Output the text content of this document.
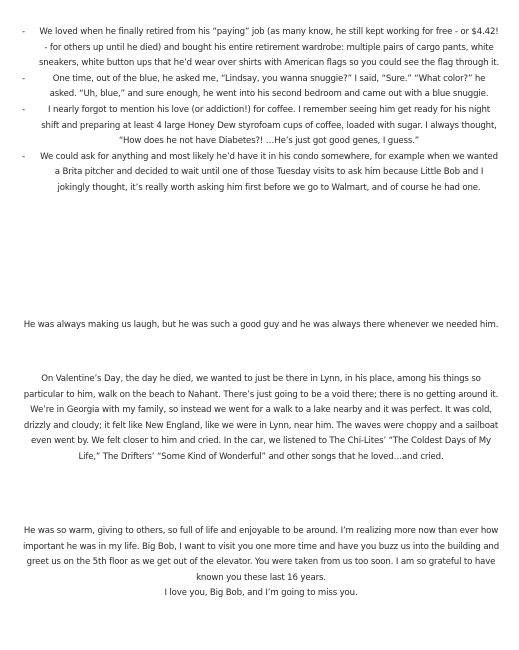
- We loved when he finally retired from his “paying” job (as many know, he still kept working for free - or $4.42! - for others up until he died) and bought his entire retirement wardrobe: multiple pairs of cargo pants, white sneakers, white button ups that he’d wear over shirts with American flags so you could see the flag through it.
-	One time, out of the blue, he asked me, “Lindsay, you wanna snuggie?” I said, “Sure.” “What color?” he asked. “Uh, blue,” and sure enough, he went into his second bedroom and came out with a blue snuggie.
-	I nearly forgot to mention his love (or addiction!) for coffee. I remember seeing him get ready for his night shift and preparing at least 4 large Honey Dew styrofoam cups of coffee, loaded with sugar. I always thought, “How does he not have Diabetes?! …He’s just got good genes, I guess.”
- We could ask for anything and most likely he’d have it in his condo somewhere, for example when we wanted a Brita pitcher and decided to wait until one of those Tuesday visits to ask him because Little Bob and I jokingly thought, it’s really worth asking him first before we go to Walmart, and of course he had one.

He was always making us laugh, but he was such a good guy and he was always there whenever we needed him.

On Valentine’s Day, the day he died, we wanted to just be there in Lynn, in his place, among his things so particular to him, walk on the beach to Nahant. There’s just going to be a void there; there is no getting around it. We’re in Georgia with my family, so instead we went for a walk to a lake nearby and it was perfect. It was cold, drizzly and cloudy; it felt like New England, like we were in Lynn, near him. The waves were choppy and a sailboat even went by. We felt closer to him and cried. In the car, we listened to The Chi-Lites’ “The Coldest Days of My Life,” The Drifters’ “Some Kind of Wonderful” and other songs that he loved…and cried.

He was so warm, giving to others, so full of life and enjoyable to be around. I’m realizing more now than ever how important he was in my life. Big Bob, I want to visit you one more time and have you buzz us into the building and greet us on the 5th floor as we get out of the elevator. You were taken from us too soon. I am so grateful to have known you these last 16 years.
I love you, Big Bob, and I’m going to miss you.
